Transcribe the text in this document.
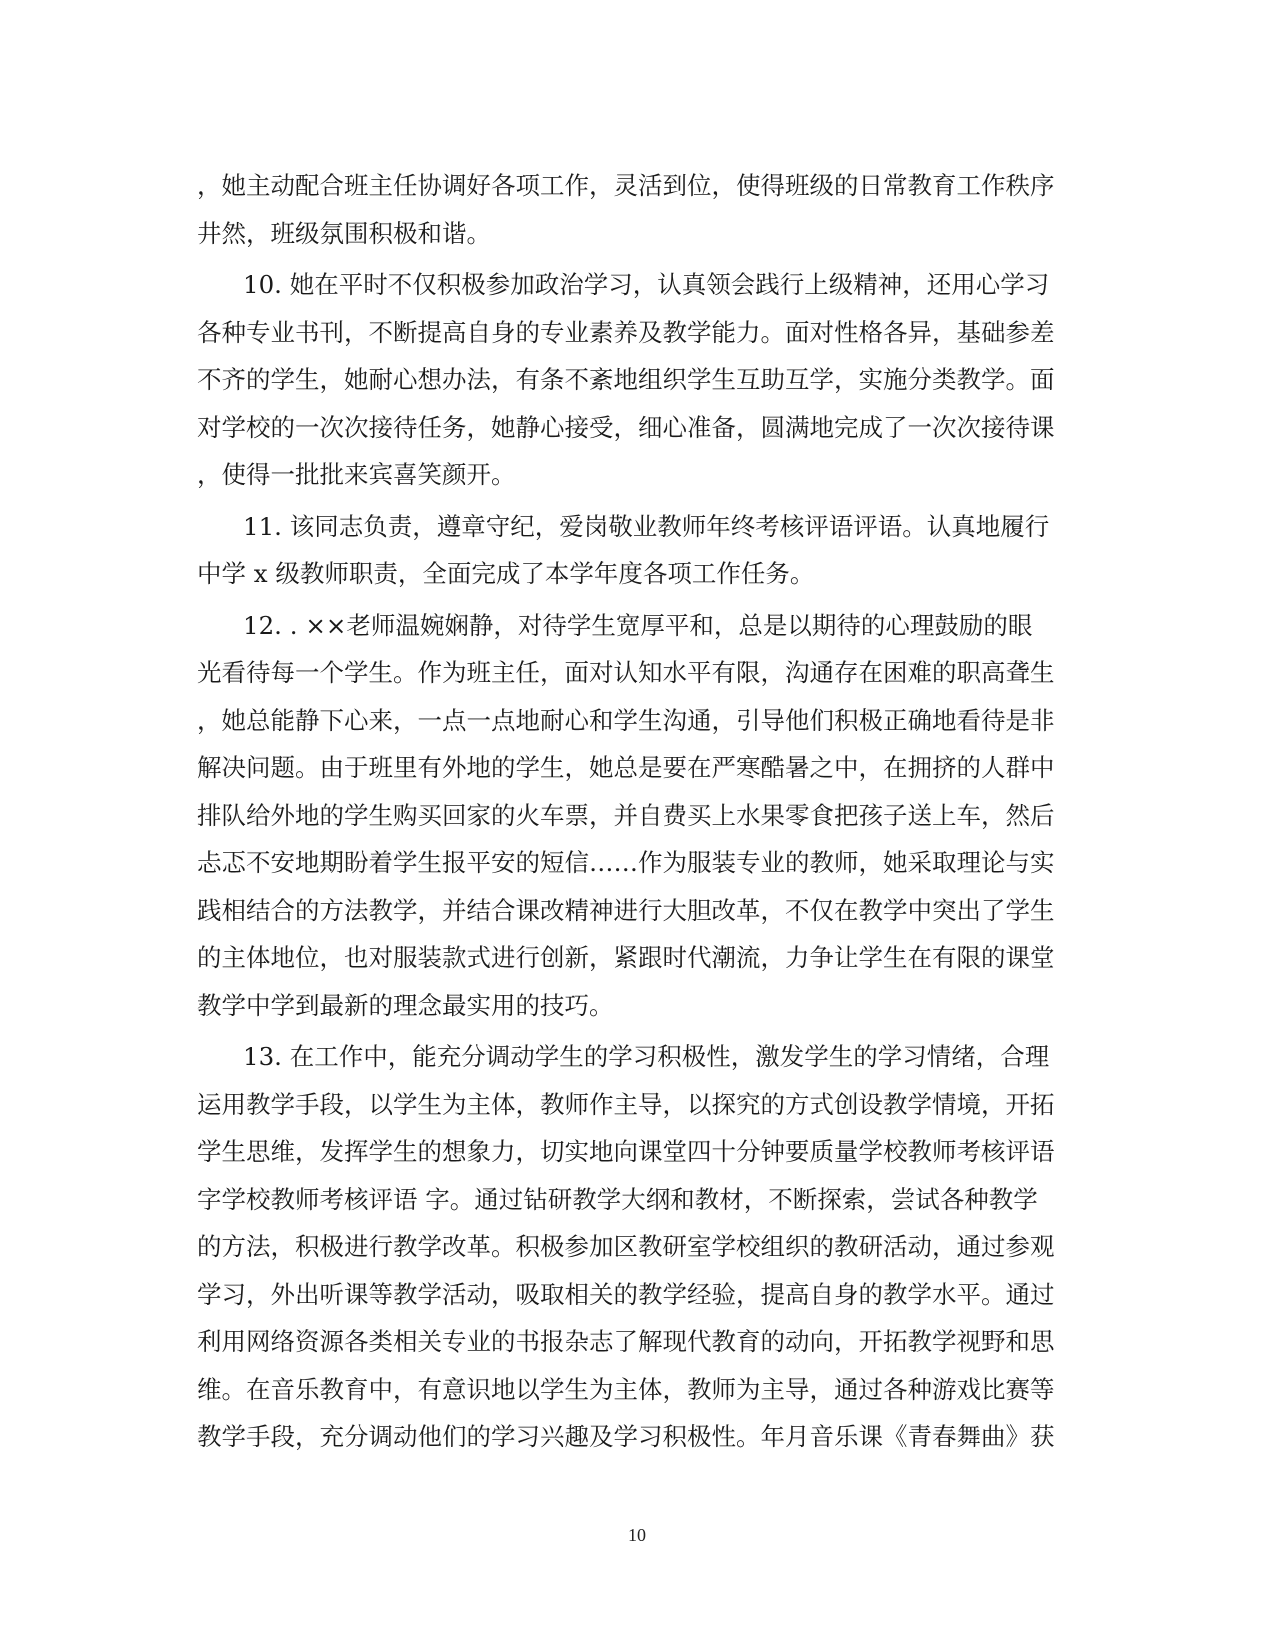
，她主动配合班主任协调好各项工作，灵活到位，使得班级的日常教育工作秩序
井然，班级氛围积极和谐。
10. 她在平时不仅积极参加政治学习，认真领会践行上级精神，还用心学习
各种专业书刊，不断提高自身的专业素养及教学能力。面对性格各异，基础参差
不齐的学生，她耐心想办法，有条不紊地组织学生互助互学，实施分类教学。面
对学校的一次次接待任务，她静心接受，细心准备，圆满地完成了一次次接待课
，使得一批批来宾喜笑颜开。
11. 该同志负责，遵章守纪，爱岗敬业教师年终考核评语评语。认真地履行
中学 x 级教师职责，全面完成了本学年度各项工作任务。
12. . ××老师温婉娴静，对待学生宽厚平和，总是以期待的心理鼓励的眼
光看待每一个学生。作为班主任，面对认知水平有限，沟通存在困难的职高聋生
，她总能静下心来，一点一点地耐心和学生沟通，引导他们积极正确地看待是非
解决问题。由于班里有外地的学生，她总是要在严寒酷暑之中，在拥挤的人群中
排队给外地的学生购买回家的火车票，并自费买上水果零食把孩子送上车，然后
忐忑不安地期盼着学生报平安的短信……作为服装专业的教师，她采取理论与实
践相结合的方法教学，并结合课改精神进行大胆改革，不仅在教学中突出了学生
的主体地位，也对服装款式进行创新，紧跟时代潮流，力争让学生在有限的课堂
教学中学到最新的理念最实用的技巧。
13. 在工作中，能充分调动学生的学习积极性，激发学生的学习情绪，合理
运用教学手段，以学生为主体，教师作主导，以探究的方式创设教学情境，开拓
学生思维，发挥学生的想象力，切实地向课堂四十分钟要质量学校教师考核评语
字学校教师考核评语 字。通过钻研教学大纲和教材，不断探索，尝试各种教学
的方法，积极进行教学改革。积极参加区教研室学校组织的教研活动，通过参观
学习，外出听课等教学活动，吸取相关的教学经验，提高自身的教学水平。通过
利用网络资源各类相关专业的书报杂志了解现代教育的动向，开拓教学视野和思
维。在音乐教育中，有意识地以学生为主体，教师为主导，通过各种游戏比赛等
教学手段，充分调动他们的学习兴趣及学习积极性。年月音乐课《青春舞曲》获
10
